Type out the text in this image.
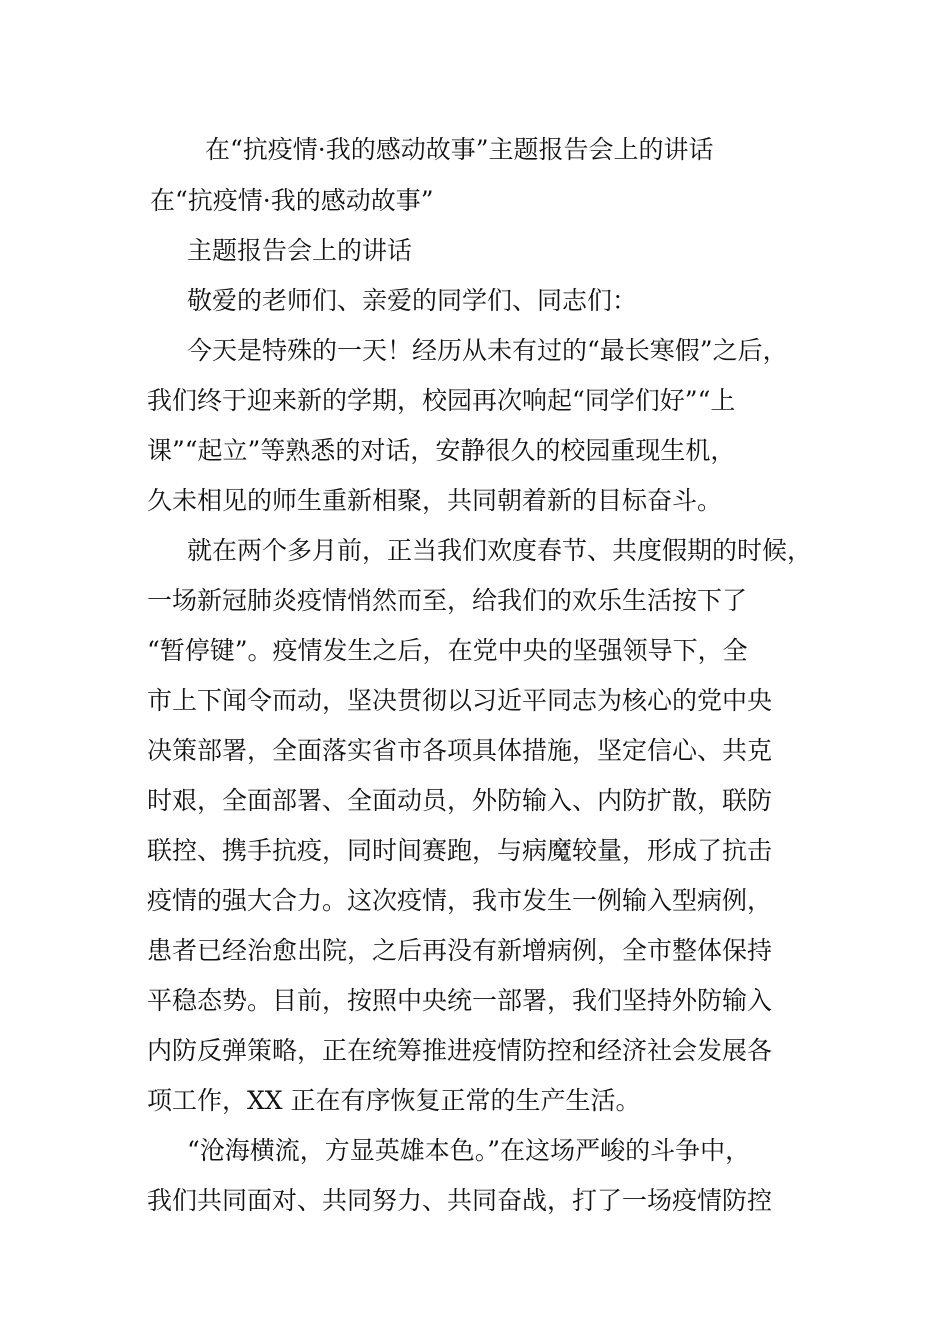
在“抗疫情·我的感动故事”主题报告会上的讲话
在“抗疫情·我的感动故事”
主题报告会上的讲话
敬爱的老师们、亲爱的同学们、同志们：
今天是特殊的一天！经历从未有过的“最长寒假”之后，
我们终于迎来新的学期，校园再次响起“同学们好”“上
课”“起立”等熟悉的对话，安静很久的校园重现生机，
久未相见的师生重新相聚，共同朝着新的目标奋斗。
就在两个多月前，正当我们欢度春节、共度假期的时候，
一场新冠肺炎疫情悄然而至，给我们的欢乐生活按下了
“暂停键”。疫情发生之后，在党中央的坚强领导下，全
市上下闻令而动，坚决贯彻以习近平同志为核心的党中央
决策部署，全面落实省市各项具体措施，坚定信心、共克
时艰，全面部署、全面动员，外防输入、内防扩散，联防
联控、携手抗疫，同时间赛跑，与病魔较量，形成了抗击
疫情的强大合力。这次疫情，我市发生一例输入型病例，
患者已经治愈出院，之后再没有新增病例，全市整体保持
平稳态势。目前，按照中央统一部署，我们坚持外防输入
内防反弹策略，正在统筹推进疫情防控和经济社会发展各
项工作，XX 正在有序恢复正常的生产生活。
“沧海横流，方显英雄本色。”在这场严峻的斗争中，
我们共同面对、共同努力、共同奋战，打了一场疫情防控
